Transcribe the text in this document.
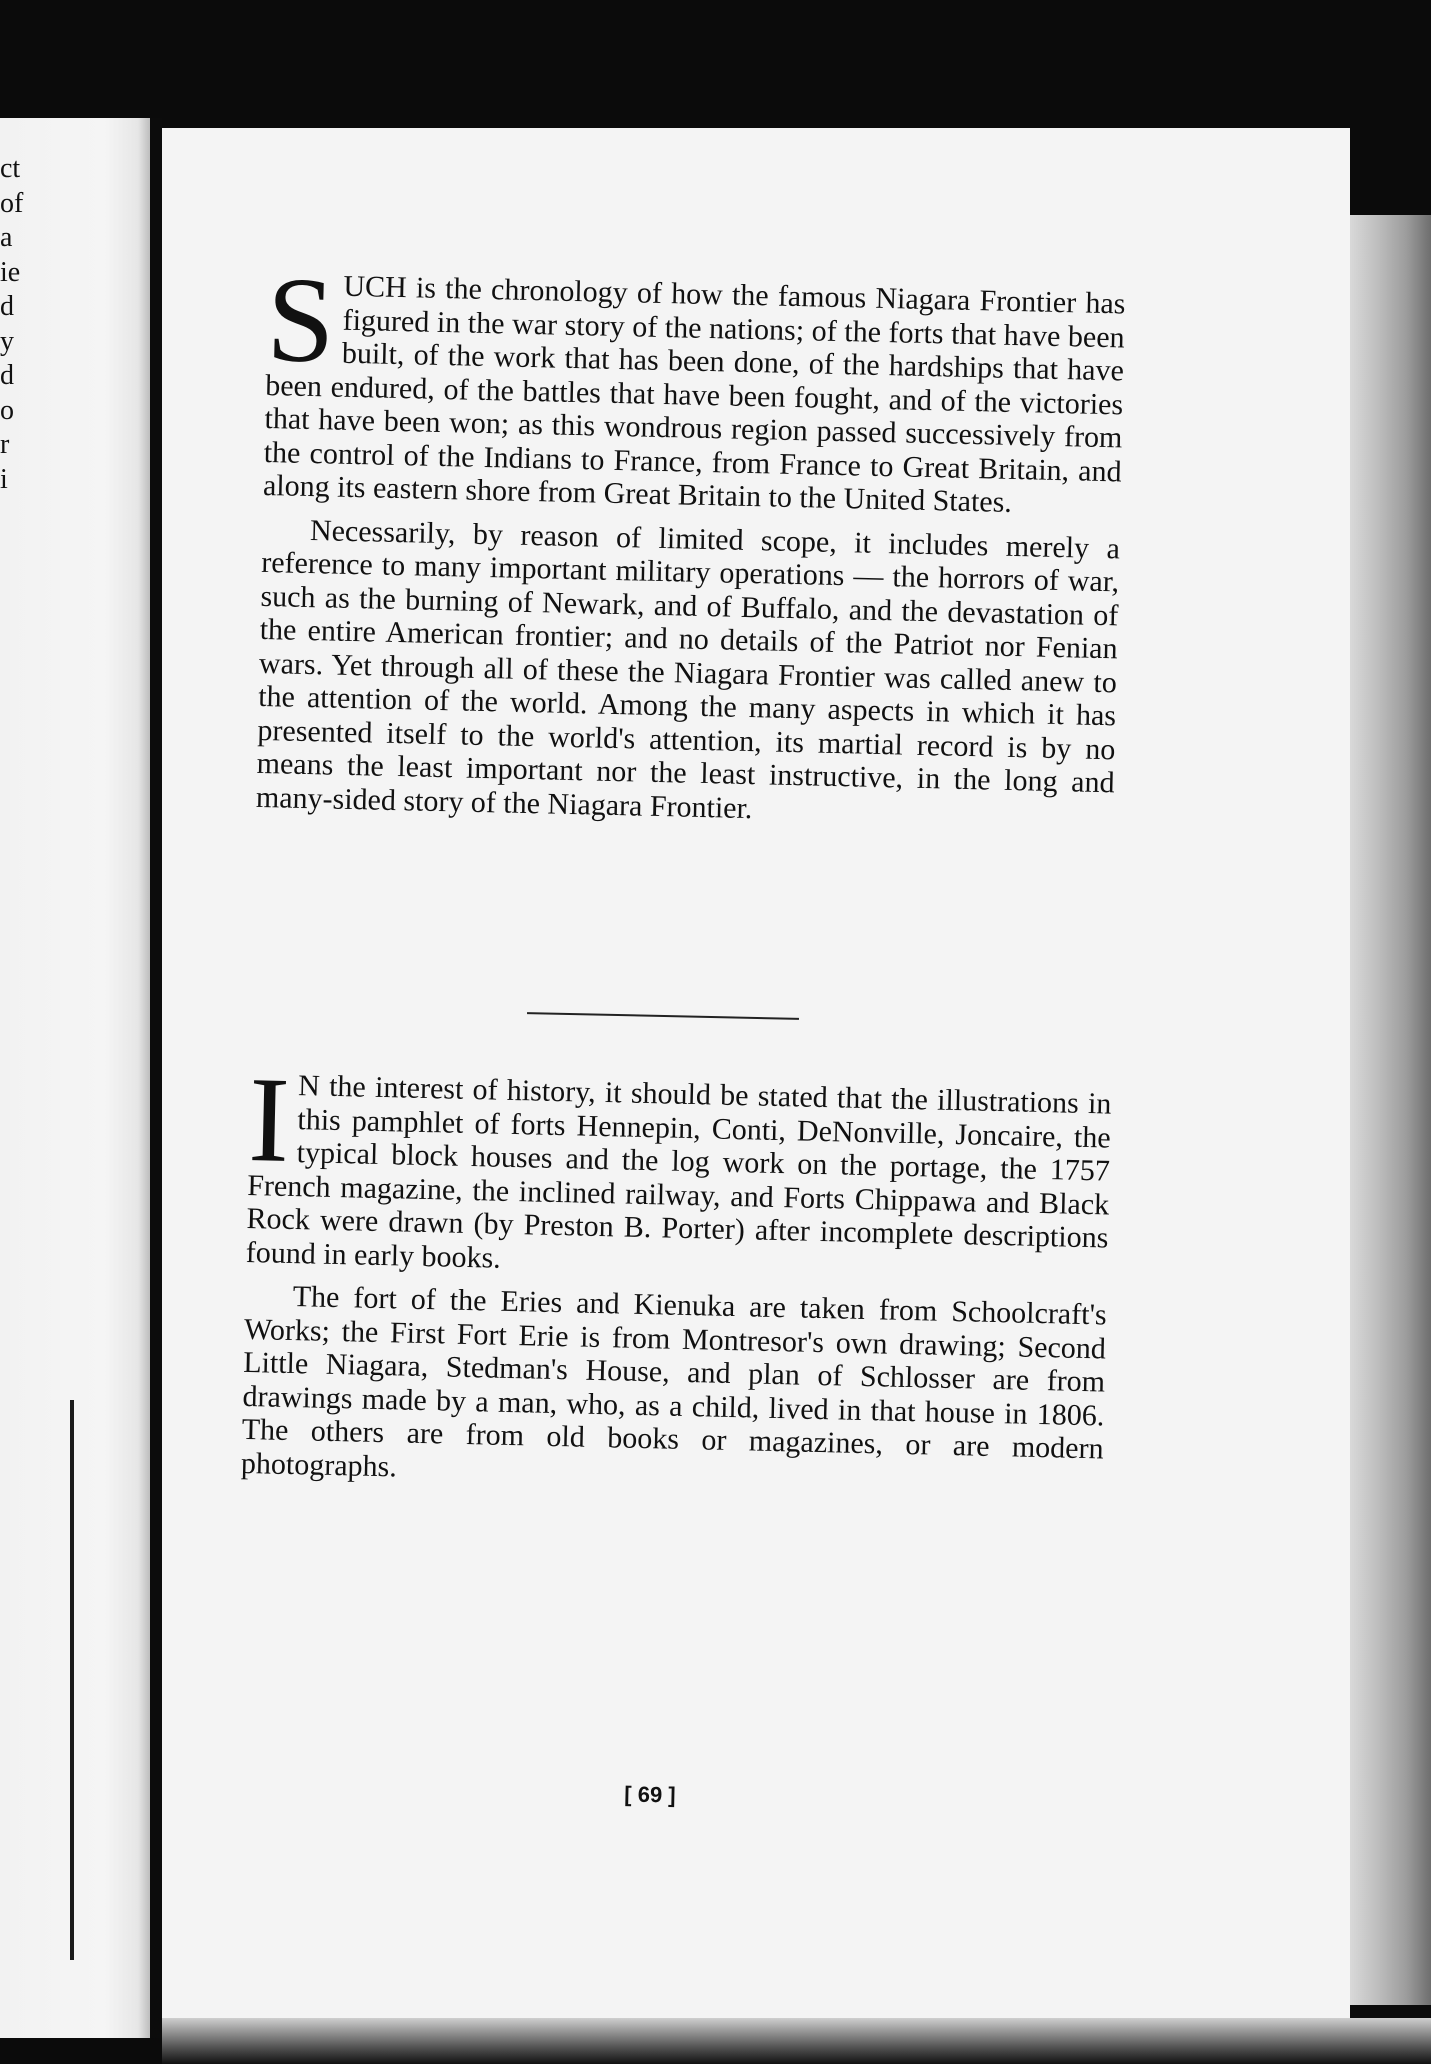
ct
of
a
ie
d
y
d
o
r
i

SUCH is the chronology of how the famous Niagara Frontier has figured in the war story of the nations; of the forts that have been built, of the work that has been done, of the hardships that have been endured, of the battles that have been fought, and of the victories that have been won; as this wondrous region passed successively from the control of the Indians to France, from France to Great Britain, and along its eastern shore from Great Britain to the United States.

Necessarily, by reason of limited scope, it includes merely a reference to many important military operations — the horrors of war, such as the burning of Newark, and of Buffalo, and the devastation of the entire American frontier; and no details of the Patriot nor Fenian wars. Yet through all of these the Niagara Frontier was called anew to the attention of the world. Among the many aspects in which it has presented itself to the world's attention, its martial record is by no means the least important nor the least instructive, in the long and many-sided story of the Niagara Frontier.

I N the interest of history, it should be stated that the illustrations in this pamphlet of forts Hennepin, Conti, DeNonville, Joncaire, the typical block houses and the log work on the portage, the 1757 French magazine, the inclined railway, and Forts Chippawa and Black Rock were drawn (by Preston B. Porter) after incomplete descriptions found in early books.

The fort of the Eries and Kienuka are taken from Schoolcraft's Works; the First Fort Erie is from Montresor's own drawing; Second Little Niagara, Stedman's House, and plan of Schlosser are from drawings made by a man, who, as a child, lived in that house in 1806. The others are from old books or magazines, or are modern photographs.

[ 69 ]
